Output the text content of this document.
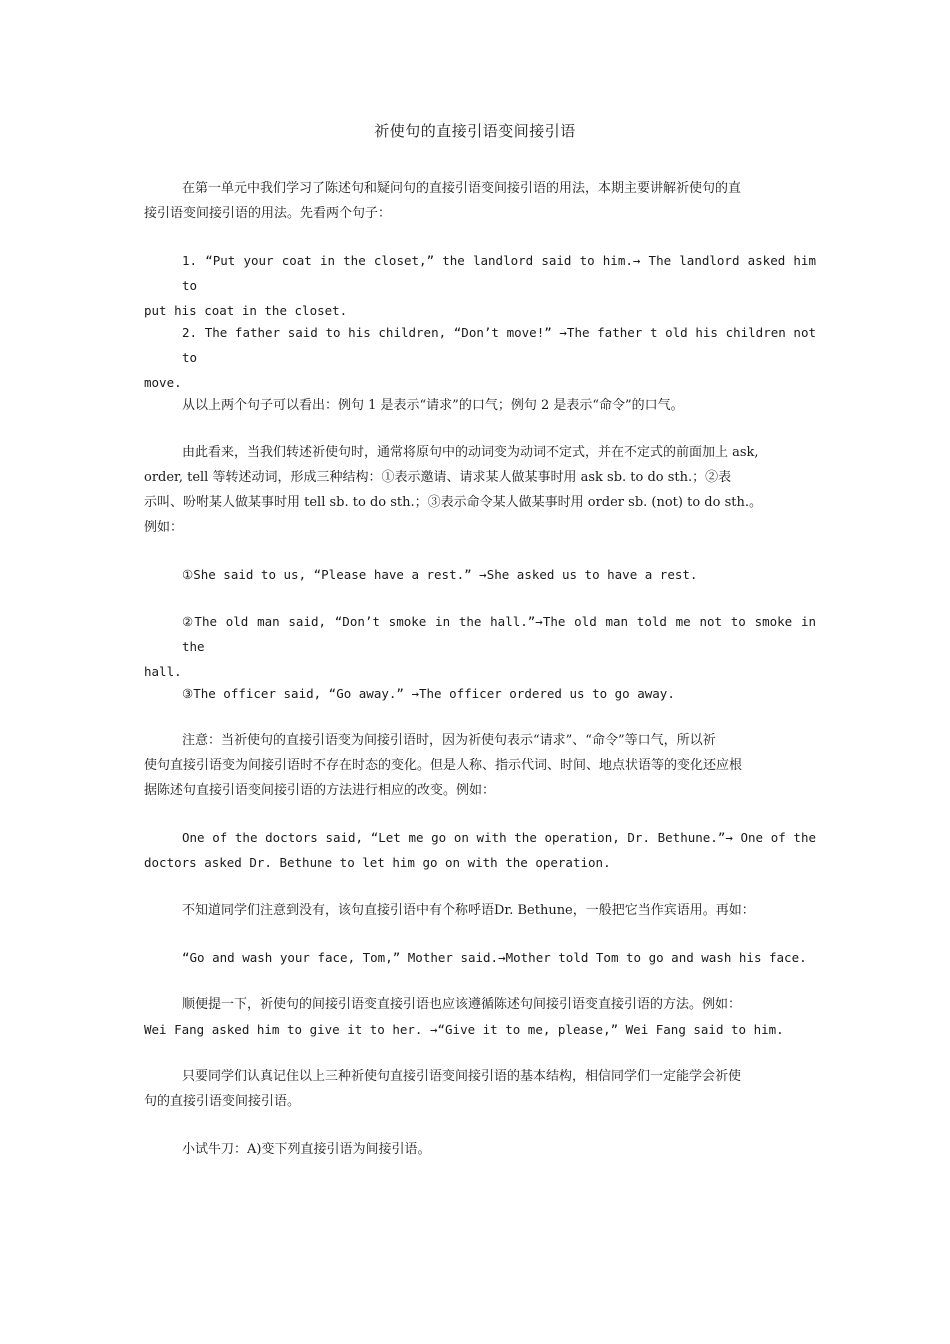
祈使句的直接引语变间接引语
在第一单元中我们学习了陈述句和疑问句的直接引语变间接引语的用法，本期主要讲解祈使句的直
接引语变间接引语的用法。先看两个句子：
1. “Put your coat in the closet,” the landlord said to him.→ The landlord asked him to
put his coat in the closet.
2. The father said to his children, “Don’t move!” →The father t old his children not to
move.
从以上两个句子可以看出：例句 1 是表示“请求”的口气；例句 2 是表示“命令”的口气。
由此看来，当我们转述祈使句时，通常将原句中的动词变为动词不定式，并在不定式的前面加上 ask,
order, tell 等转述动词，形成三种结构：①表示邀请、请求某人做某事时用 ask sb. to do sth.；②表
示叫、吩咐某人做某事时用 tell sb. to do sth.；③表示命令某人做某事时用 order sb. (not) to do sth.。
例如：
①She said to us, “Please have a rest.” →She asked us to have a rest.
②The old man said, “Don’t smoke in the hall.”→The old man told me not to smoke in the
hall.
③The officer said, “Go away.” →The officer ordered us to go away.
注意：当祈使句的直接引语变为间接引语时，因为祈使句表示“请求”、“命令”等口气，所以祈
使句直接引语变为间接引语时不存在时态的变化。但是人称、指示代词、时间、地点状语等的变化还应根
据陈述句直接引语变间接引语的方法进行相应的改变。例如：
One of the doctors said, “Let me go on with the operation, Dr. Bethune.”→ One of the
doctors asked Dr. Bethune to let him go on with the operation.
不知道同学们注意到没有，该句直接引语中有个称呼语Dr. Bethune，一般把它当作宾语用。再如：
“Go and wash your face, Tom,” Mother said.→Mother told Tom to go and wash his face.
顺便提一下，祈使句的间接引语变直接引语也应该遵循陈述句间接引语变直接引语的方法。例如：
Wei Fang asked him to give it to her. →“Give it to me, please,” Wei Fang said to him.
只要同学们认真记住以上三种祈使句直接引语变间接引语的基本结构，相信同学们一定能学会祈使
句的直接引语变间接引语。
小试牛刀：A)变下列直接引语为间接引语。
